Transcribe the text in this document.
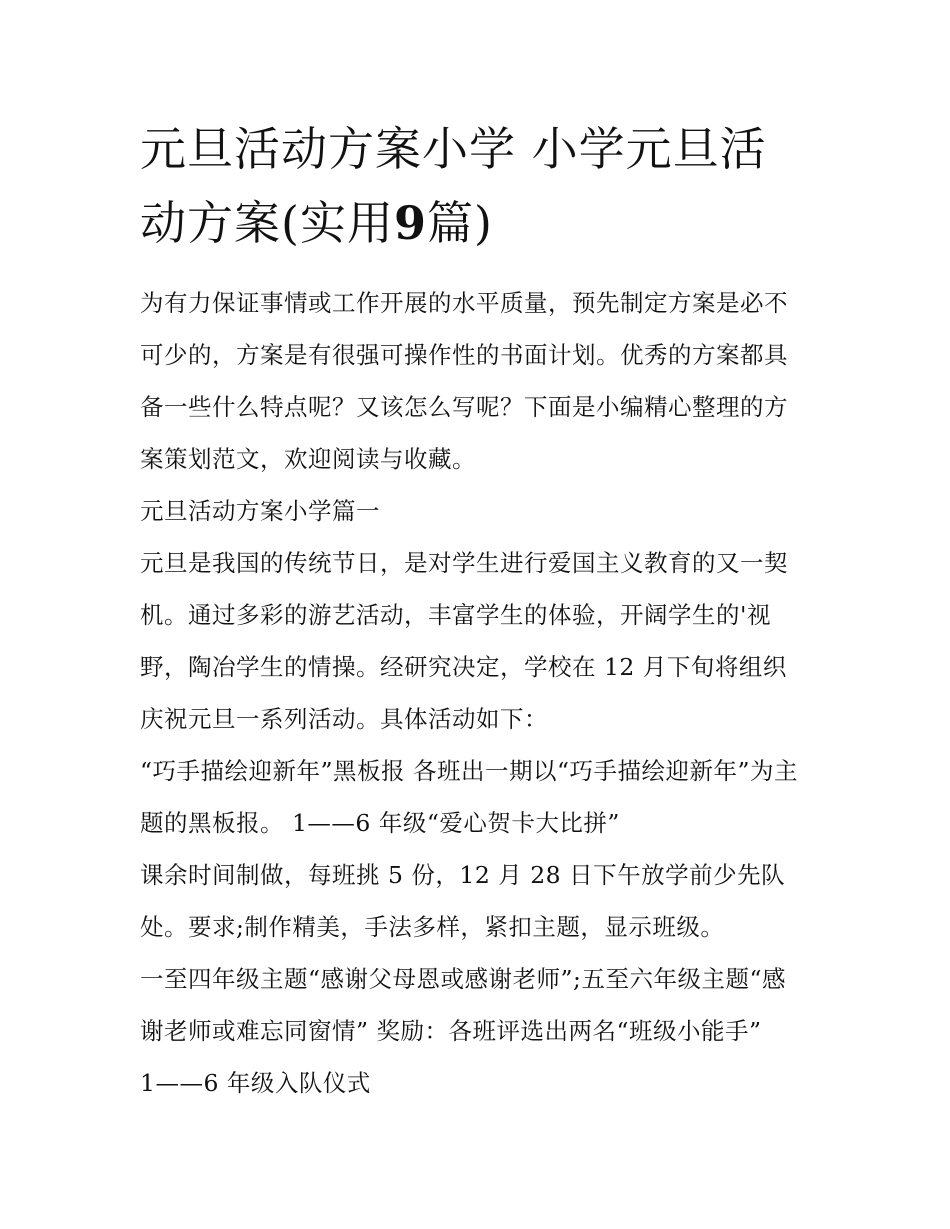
元旦活动方案小学 小学元旦活
动方案(实用9篇)

为有力保证事情或工作开展的水平质量，预先制定方案是必不

可少的，方案是有很强可操作性的书面计划。优秀的方案都具

备一些什么特点呢？又该怎么写呢？下面是小编精心整理的方

案策划范文，欢迎阅读与收藏。

元旦活动方案小学篇一

元旦是我国的传统节日，是对学生进行爱国主义教育的又一契

机。通过多彩的游艺活动，丰富学生的体验，开阔学生的'视

野，陶冶学生的情操。经研究决定，学校在 12 月下旬将组织

庆祝元旦一系列活动。具体活动如下：

“巧手描绘迎新年”黑板报 各班出一期以“巧手描绘迎新年”为主

题的黑板报。 1——6 年级“爱心贺卡大比拼”

课余时间制做，每班挑 5 份，12 月 28 日下午放学前少先队

处。要求;制作精美，手法多样，紧扣主题，显示班级。

一至四年级主题“感谢父母恩或感谢老师”;五至六年级主题“感

谢老师或难忘同窗情” 奖励：各班评选出两名“班级小能手”

1——6 年级入队仪式
